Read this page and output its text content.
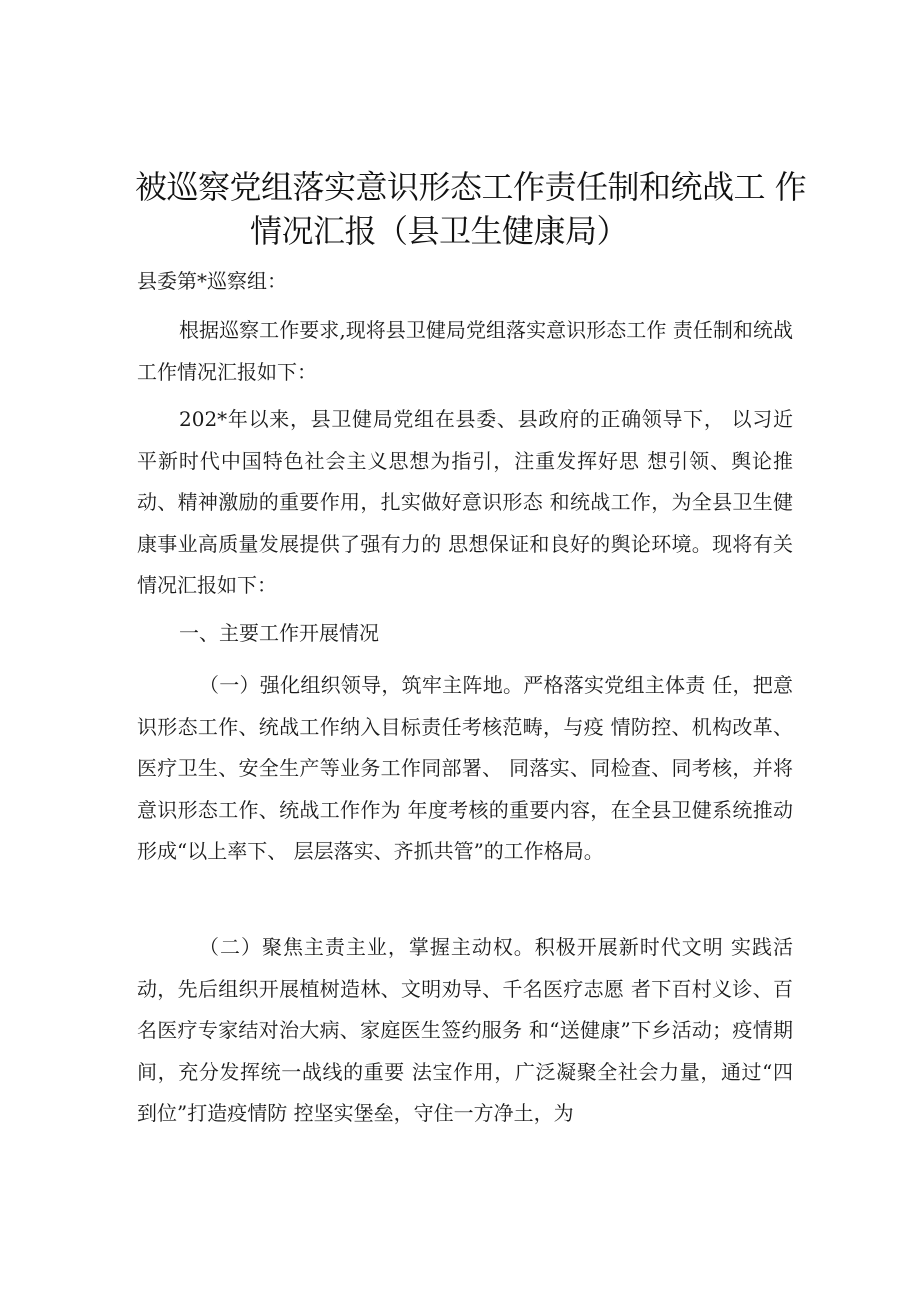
被巡察党组落实意识形态工作责任制和统战工 作
情况汇报（县卫生健康局）

县委第*巡察组：

根据巡察工作要求,现将县卫健局党组落实意识形态工作 责任制和统战工作情况汇报如下：

202*年以来，县卫健局党组在县委、县政府的正确领导下， 以习近平新时代中国特色社会主义思想为指引，注重发挥好思 想引领、舆论推动、精神激励的重要作用，扎实做好意识形态 和统战工作，为全县卫生健康事业高质量发展提供了强有力的 思想保证和良好的舆论环境。现将有关情况汇报如下：

一、主要工作开展情况

（一）强化组织领导，筑牢主阵地。严格落实党组主体责 任，把意识形态工作、统战工作纳入目标责任考核范畴，与疫 情防控、机构改革、医疗卫生、安全生产等业务工作同部署、 同落实、同检查、同考核，并将意识形态工作、统战工作作为 年度考核的重要内容，在全县卫健系统推动形成“以上率下、 层层落实、齐抓共管”的工作格局。

（二）聚焦主责主业，掌握主动权。积极开展新时代文明 实践活动，先后组织开展植树造林、文明劝导、千名医疗志愿 者下百村义诊、百名医疗专家结对治大病、家庭医生签约服务 和“送健康”下乡活动；疫情期间，充分发挥统一战线的重要 法宝作用，广泛凝聚全社会力量，通过“四到位”打造疫情防 控坚实堡垒，守住一方净土，为
